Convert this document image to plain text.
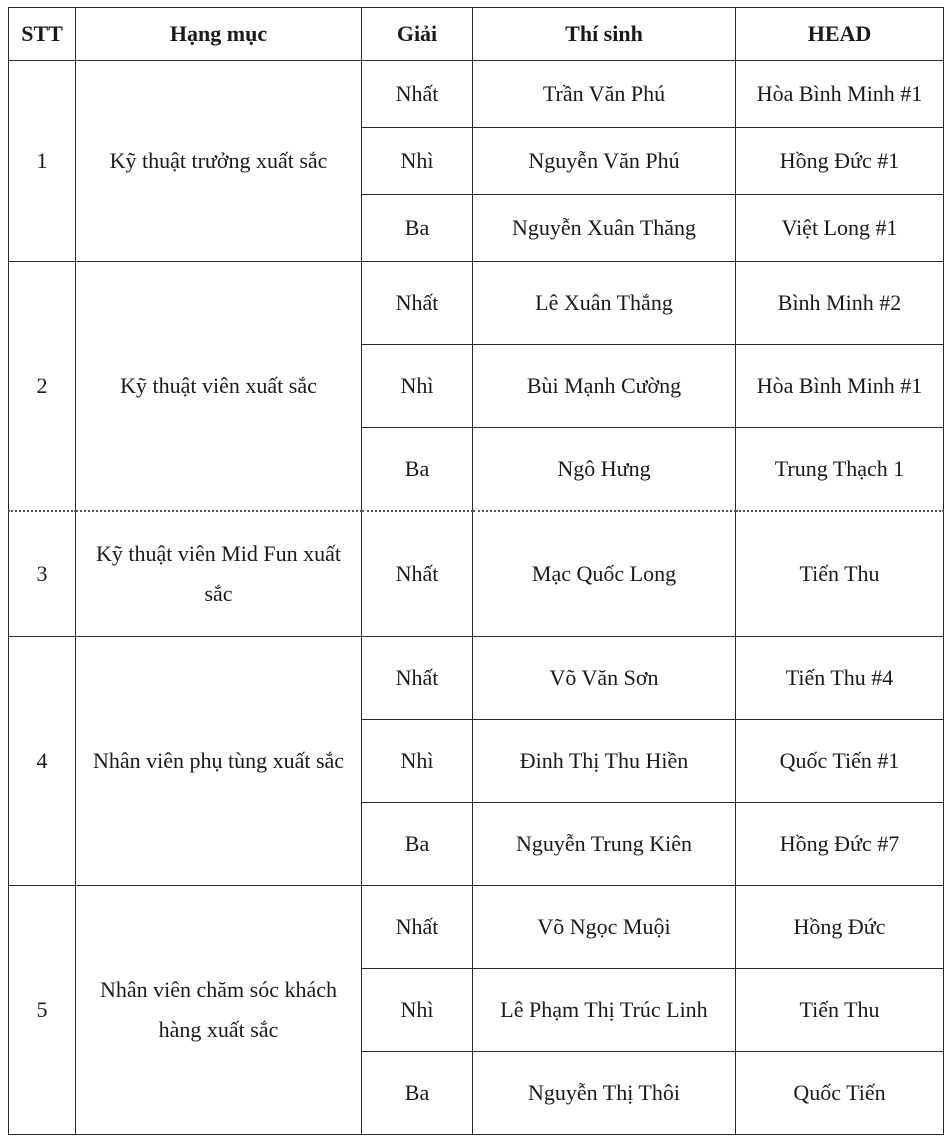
STT	Hạng mục	Giải	Thí sinh	HEAD
1	Kỹ thuật trưởng xuất sắc	Nhất	Trần Văn Phú	Hòa Bình Minh #1
		Nhì	Nguyễn Văn Phú	Hồng Đức #1
		Ba	Nguyễn Xuân Thăng	Việt Long #1
2	Kỹ thuật viên xuất sắc	Nhất	Lê Xuân Thắng	Bình Minh #2
		Nhì	Bùi Mạnh Cường	Hòa Bình Minh #1
		Ba	Ngô Hưng	Trung Thạch 1
3	Kỹ thuật viên Mid Fun xuất sắc	Nhất	Mạc Quốc Long	Tiến Thu
4	Nhân viên phụ tùng xuất sắc	Nhất	Võ Văn Sơn	Tiến Thu #4
		Nhì	Đinh Thị Thu Hiền	Quốc Tiến #1
		Ba	Nguyễn Trung Kiên	Hồng Đức #7
5	Nhân viên chăm sóc khách hàng xuất sắc	Nhất	Võ Ngọc Muội	Hồng Đức
		Nhì	Lê Phạm Thị Trúc Linh	Tiến Thu
		Ba	Nguyễn Thị Thôi	Quốc Tiến
